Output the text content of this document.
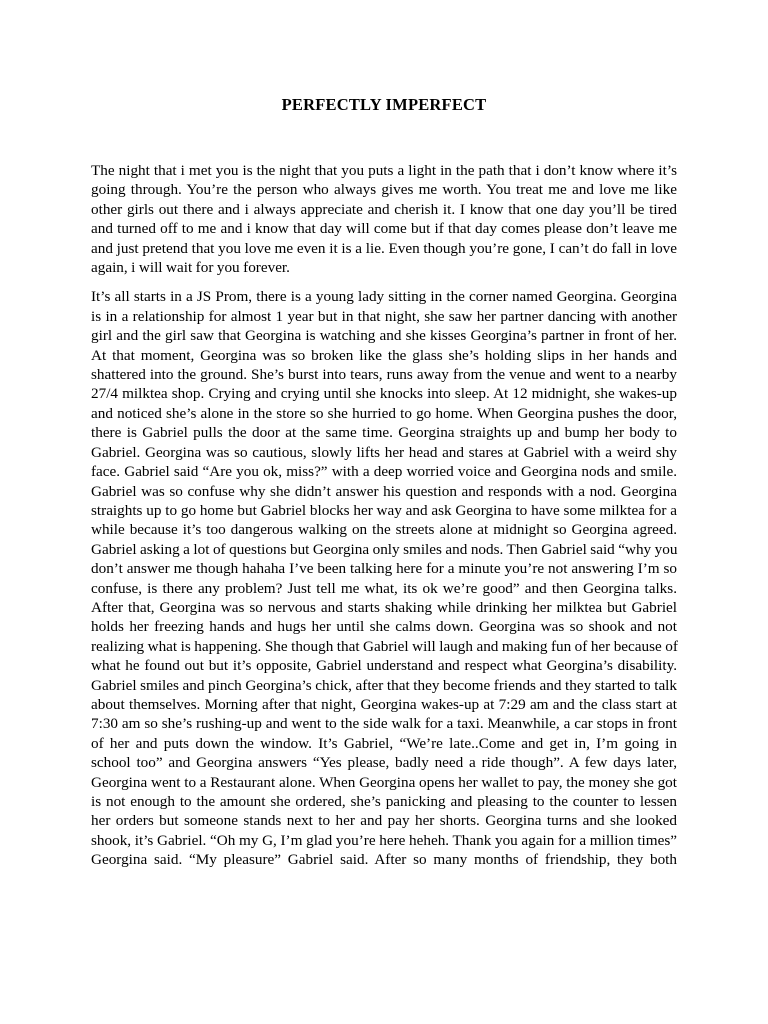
PERFECTLY IMPERFECT

The night that i met you is the night that you puts a light in the path that i don’t know where it’s
going through. You’re the person who always gives me worth. You treat me and love me like
other girls out there and i always appreciate and cherish it. I know that one day you’ll be tired
and turned off to me and i know that day will come but if that day comes please don’t leave me
and just pretend that you love me even it is a lie. Even though you’re gone, I can’t do fall in love
again, i will wait for you forever.

It’s all starts in a JS Prom, there is a young lady sitting in the corner named Georgina. Georgina
is in a relationship for almost 1 year but in that night, she saw her partner dancing with another
girl and the girl saw that Georgina is watching and she kisses Georgina’s partner in front of her.
At that moment, Georgina was so broken like the glass she’s holding slips in her hands and
shattered into the ground. She’s burst into tears, runs away from the venue and went to a nearby
27/4 milktea shop. Crying and crying until she knocks into sleep. At 12 midnight, she wakes-up
and noticed she’s alone in the store so she hurried to go home. When Georgina pushes the door,
there is Gabriel pulls the door at the same time. Georgina straights up and bump her body to
Gabriel. Georgina was so cautious, slowly lifts her head and stares at Gabriel with a weird shy
face. Gabriel said “Are you ok, miss?” with a deep worried voice and Georgina nods and smile.
Gabriel was so confuse why she didn’t answer his question and responds with a nod. Georgina
straights up to go home but Gabriel blocks her way and ask Georgina to have some milktea for a
while because it’s too dangerous walking on the streets alone at midnight so Georgina agreed.
Gabriel asking a lot of questions but Georgina only smiles and nods. Then Gabriel said “why you
don’t answer me though hahaha I’ve been talking here for a minute you’re not answering I’m so
confuse, is there any problem? Just tell me what, its ok we’re good” and then Georgina talks.
After that, Georgina was so nervous and starts shaking while drinking her milktea but Gabriel
holds her freezing hands and hugs her until she calms down. Georgina was so shook and not
realizing what is happening. She though that Gabriel will laugh and making fun of her because of
what he found out but it’s opposite, Gabriel understand and respect what Georgina’s disability.
Gabriel smiles and pinch Georgina’s chick, after that they become friends and they started to talk
about themselves. Morning after that night, Georgina wakes-up at 7:29 am and the class start at
7:30 am so she’s rushing-up and went to the side walk for a taxi. Meanwhile, a car stops in front
of her and puts down the window. It’s Gabriel, “We’re late..Come and get in, I’m going in
school too” and Georgina answers “Yes please, badly need a ride though”. A few days later,
Georgina went to a Restaurant alone. When Georgina opens her wallet to pay, the money she got
is not enough to the amount she ordered, she’s panicking and pleasing to the counter to lessen
her orders but someone stands next to her and pay her shorts. Georgina turns and she looked
shook, it’s Gabriel. “Oh my G, I’m glad you’re here heheh. Thank you again for a million times”
Georgina said. “My pleasure” Gabriel said. After so many months of friendship, they both
